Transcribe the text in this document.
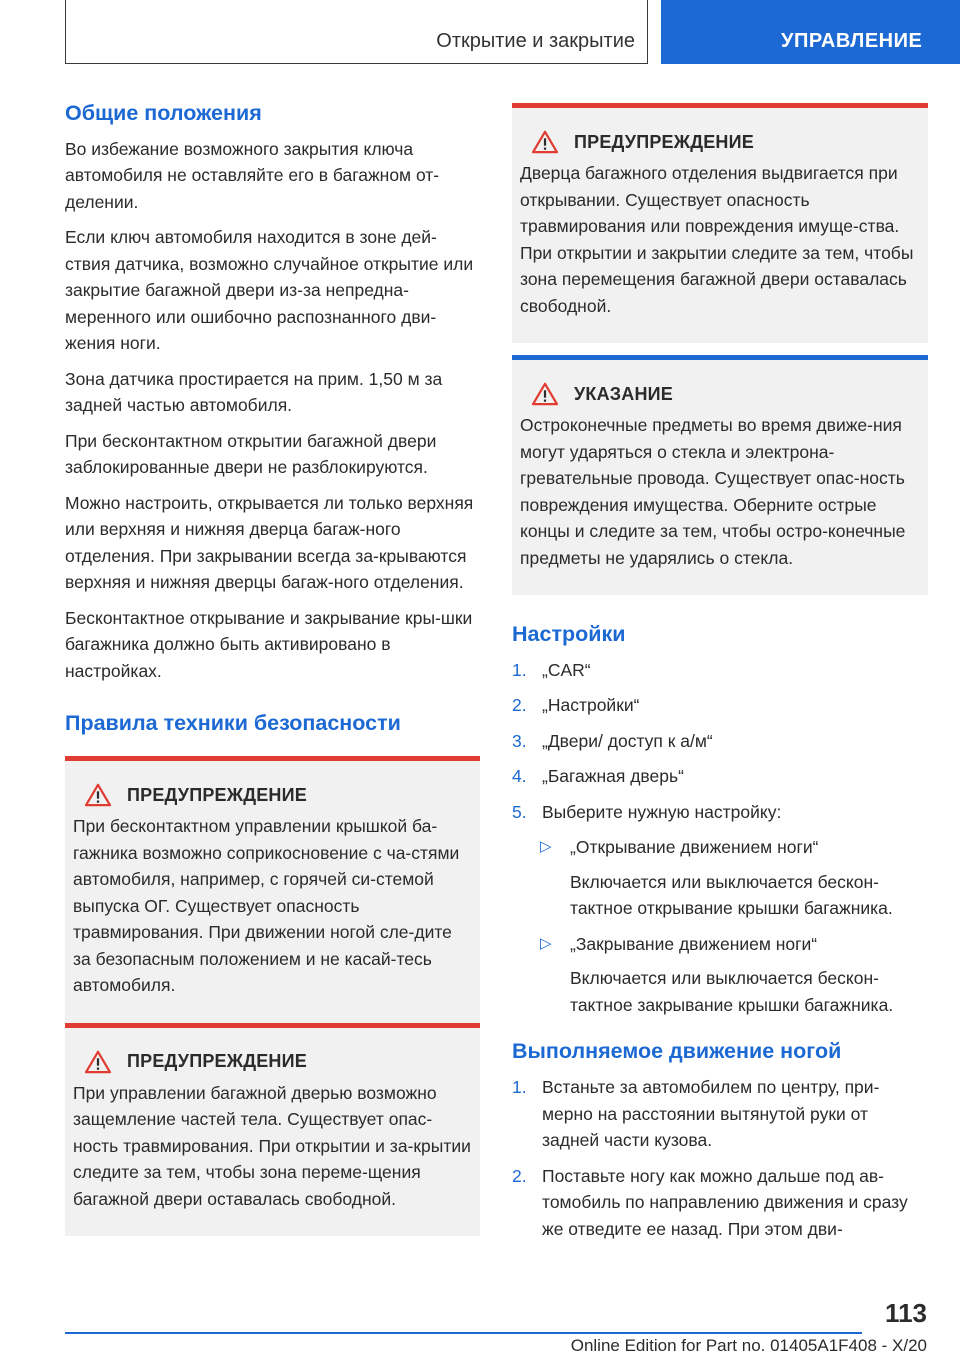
Открытие и закрытие	УПРАВЛЕНИЕ
Общие положения

Во избежание возможного закрытия ключа автомобиля не оставляйте его в багажном от-делении.

Если ключ автомобиля находится в зоне дей-ствия датчика, возможно случайное открытие или закрытие багажной двери из-за непредна-меренного или ошибочно распознанного дви-жения ноги.

Зона датчика простирается на прим. 1,50 м за задней частью автомобиля.

При бесконтактном открытии багажной двери заблокированные двери не разблокируются.

Можно настроить, открывается ли только верхняя или верхняя и нижняя дверца багаж-ного отделения. При закрывании всегда за-крываются верхняя и нижняя дверцы багаж-ного отделения.

Бесконтактное открывание и закрывание кры-шки багажника должно быть активировано в настройках.

Правила техники безопасности
ПРЕДУПРЕЖДЕНИЕ

При бесконтактном управлении крышкой ба-гажника возможно соприкосновение с ча-стями автомобиля, например, с горячей си-стемой выпуска ОГ. Существует опасность травмирования. При движении ногой сле-дите за безопасным положением и не касай-тесь автомобиля.

ПРЕДУПРЕЖДЕНИЕ

При управлении багажной дверью возможно защемление частей тела. Существует опас-ность травмирования. При открытии и за-крытии следите за тем, чтобы зона переме-щения багажной двери оставалась свободной.

ПРЕДУПРЕЖДЕНИЕ

Дверца багажного отделения выдвигается при открывании. Существует опасность травмирования или повреждения имуще-ства. При открытии и закрытии следите за тем, чтобы зона перемещения багажной двери оставалась свободной.

УКАЗАНИЕ

Остроконечные предметы во время движе-ния могут ударяться о стекла и электрона-гревательные провода. Существует опас-ность повреждения имущества. Оберните острые концы и следите за тем, чтобы остро-конечные предметы не ударялись о стекла.

Настройки
1. „CAR“
2. „Настройки“
3. „Двери/ доступ к а/м“
4. „Багажная дверь“
5. Выберите нужную настройку:
▷ „Открывание движением ноги“
Включается или выключается бескон-тактное открывание крышки багажника.
▷ „Закрывание движением ноги“
Включается или выключается бескон-тактное закрывание крышки багажника.
Выполняемое движение ногой
1. Встаньте за автомобилем по центру, при-мерно на расстоянии вытянутой руки от задней части кузова.
2. Поставьте ногу как можно дальше под ав-томобиль по направлению движения и сразу же отведите ее назад. При этом дви-
113
Online Edition for Part no. 01405A1F408 - X/20
